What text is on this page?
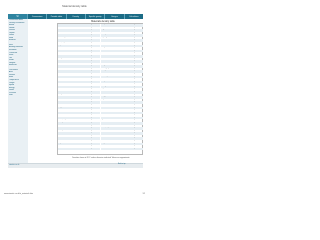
Material density table
SI	Conversions	Periodic table	Density	Specific gravity	Gauges	Calculators
Conversion tables
Density of materials
Metals
Woods
Plastics
Liquids
Gases
Food
Minerals
Soils
Building materials
Insulation
Chemicals
Fuels
Oils
Fluids
Weights
Measures
Calculators
Area
Volume
Mass
Temperature
Length
Speed
Energy
Power
Pressure
Flow
Materials density table
Acetone	784 kg/m3
Acetic acid	1 049 kg/m3
Alcohol	789 kg/m3
Aluminium	2 700 kg/m3
Ammonia	0.77 kg/m3
Antimony	6 684 kg/m3
Asbestos	2 450 kg/m3
Ash, dry	610 kg/m3
Asphalt	721 kg/m3
Barium	3 510 kg/m3
Basalt	3 011 kg/m3
Beech wood	800 kg/m3
Benzene	879 kg/m3
Beryllium	1 840 kg/m3
Bismuth	9 750 kg/m3
Borax	1 715 kg/m3
Brass	8 553 kg/m3
Brick	1 922 kg/m3
Bronze	8 200 kg/m3
Butter	865 kg/m3
Cadmium	8 650 kg/m3
Calcium	1 550 kg/m3
Carbon	2 267 kg/m3
Cement	1 506 kg/m3
Chalk	2 499 kg/m3
Charcoal	208 kg/m3
Chromium	7 190 kg/m3
Clay	1 746 kg/m3
Coal	833 kg/m3
Cobalt	8 900 kg/m3
Coke	480 kg/m3
Concrete	2 400 kg/m3
Copper	8 960 kg/m3
Cork	240 kg/m3
Cotton	1 550 kg/m3
Diamond	3 515 kg/m3
Diesel	850 kg/m3
Earth, dry	1 220 kg/m3
Ebony	1 200 kg/m3
Ethanol	789 kg/m3
Ether	713 kg/m3
Feldspar	2 560 kg/m3
Flint	2 600 kg/m3
Flour	593 kg/m3
Gasoline	737 kg/m3
Glass	2 579 kg/m3
Glycerine	1 261 kg/m3
Gold	19 320 kg/m3
Granite	2 691 kg/m3
Graphite	2 230 kg/m3
Gravel	1 522 kg/m3
Gypsum	2 787 kg/m3
Helium	0.18 kg/m3
Honey	1 420 kg/m3
Hydrogen	0.09 kg/m3
Ice	917 kg/m3
Iridium	22 420 kg/m3
Iron	7 874 kg/m3
Ivory	1 842 kg/m3
Kerosene	820 kg/m3
Lead	11 340 kg/m3
Leather	945 kg/m3
Lime	1 009 kg/m3
Limestone	2 611 kg/m3
Lithium	535 kg/m3
Magnesium	1 738 kg/m3
Mahogany	545 kg/m3
Manganese	7 470 kg/m3
Marble	2 563 kg/m3
Mercury	13 593 kg/m3
Milk	1 035 kg/m3
Molybdenum	10 280 kg/m3
Nickel	8 908 kg/m3
Nitrogen	1.25 kg/m3
Nylon	1 150 kg/m3
Oak	750 kg/m3
Olive oil	918 kg/m3
Oxygen	1.43 kg/m3
Paper	1 201 kg/m3
Paraffin	801 kg/m3
Peat	1 120 kg/m3
Petrol	737 kg/m3
Pine	510 kg/m3
Platinum	21 450 kg/m3
Porcelain	2 403 kg/m3
Potassium	862 kg/m3
Quartz	2 648 kg/m3
Rubber	1 522 kg/m3
Salt	1 154 kg/m3
Sand, dry	1 602 kg/m3
Sandstone	2 323 kg/m3
Silver	10 490 kg/m3
Slate	2 691 kg/m3
Sodium	968 kg/m3
Steel	7 850 kg/m3
Sugar	1 587 kg/m3
Tin	7 310 kg/m3
Zinc	7 140 kg/m3
Densities shown at 20°C unless otherwise indicated. Values are approximate.
simetric.co.uk	Back to top
www.simetric.co.uk/si_materials.htm	1/2
